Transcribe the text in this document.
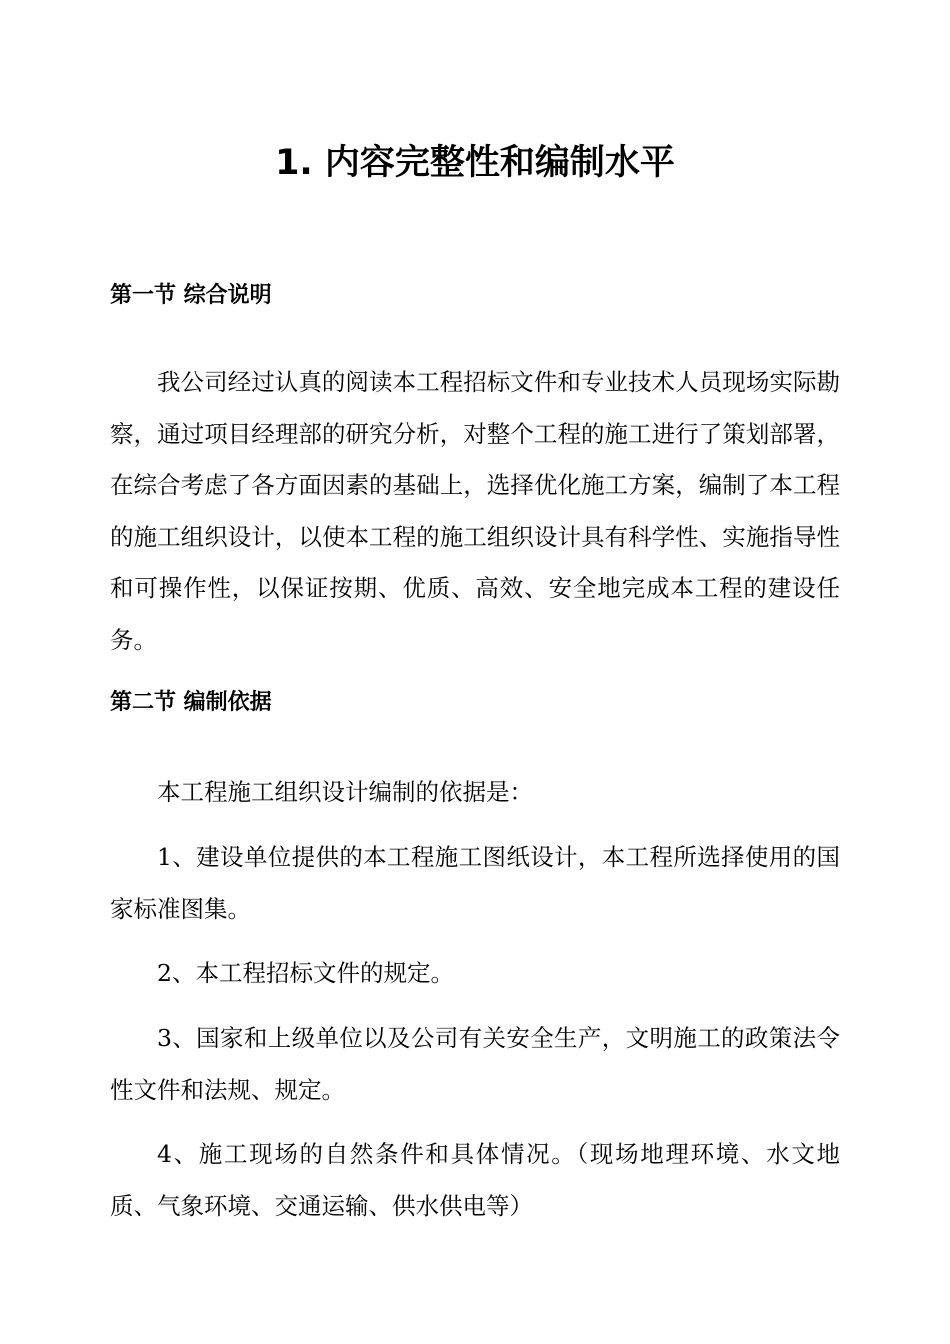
1. 内容完整性和编制水平
第一节 综合说明

我公司经过认真的阅读本工程招标文件和专业技术人员现场实际勘察，通过项目经理部的研究分析，对整个工程的施工进行了策划部署，在综合考虑了各方面因素的基础上，选择优化施工方案，编制了本工程的施工组织设计，以使本工程的施工组织设计具有科学性、实施指导性和可操作性，以保证按期、优质、高效、安全地完成本工程的建设任务。

第二节 编制依据

本工程施工组织设计编制的依据是：

1、建设单位提供的本工程施工图纸设计，本工程所选择使用的国家标准图集。

2、本工程招标文件的规定。

3、国家和上级单位以及公司有关安全生产，文明施工的政策法令性文件和法规、规定。

4、施工现场的自然条件和具体情况。（现场地理环境、水文地质、气象环境、交通运输、供水供电等）
